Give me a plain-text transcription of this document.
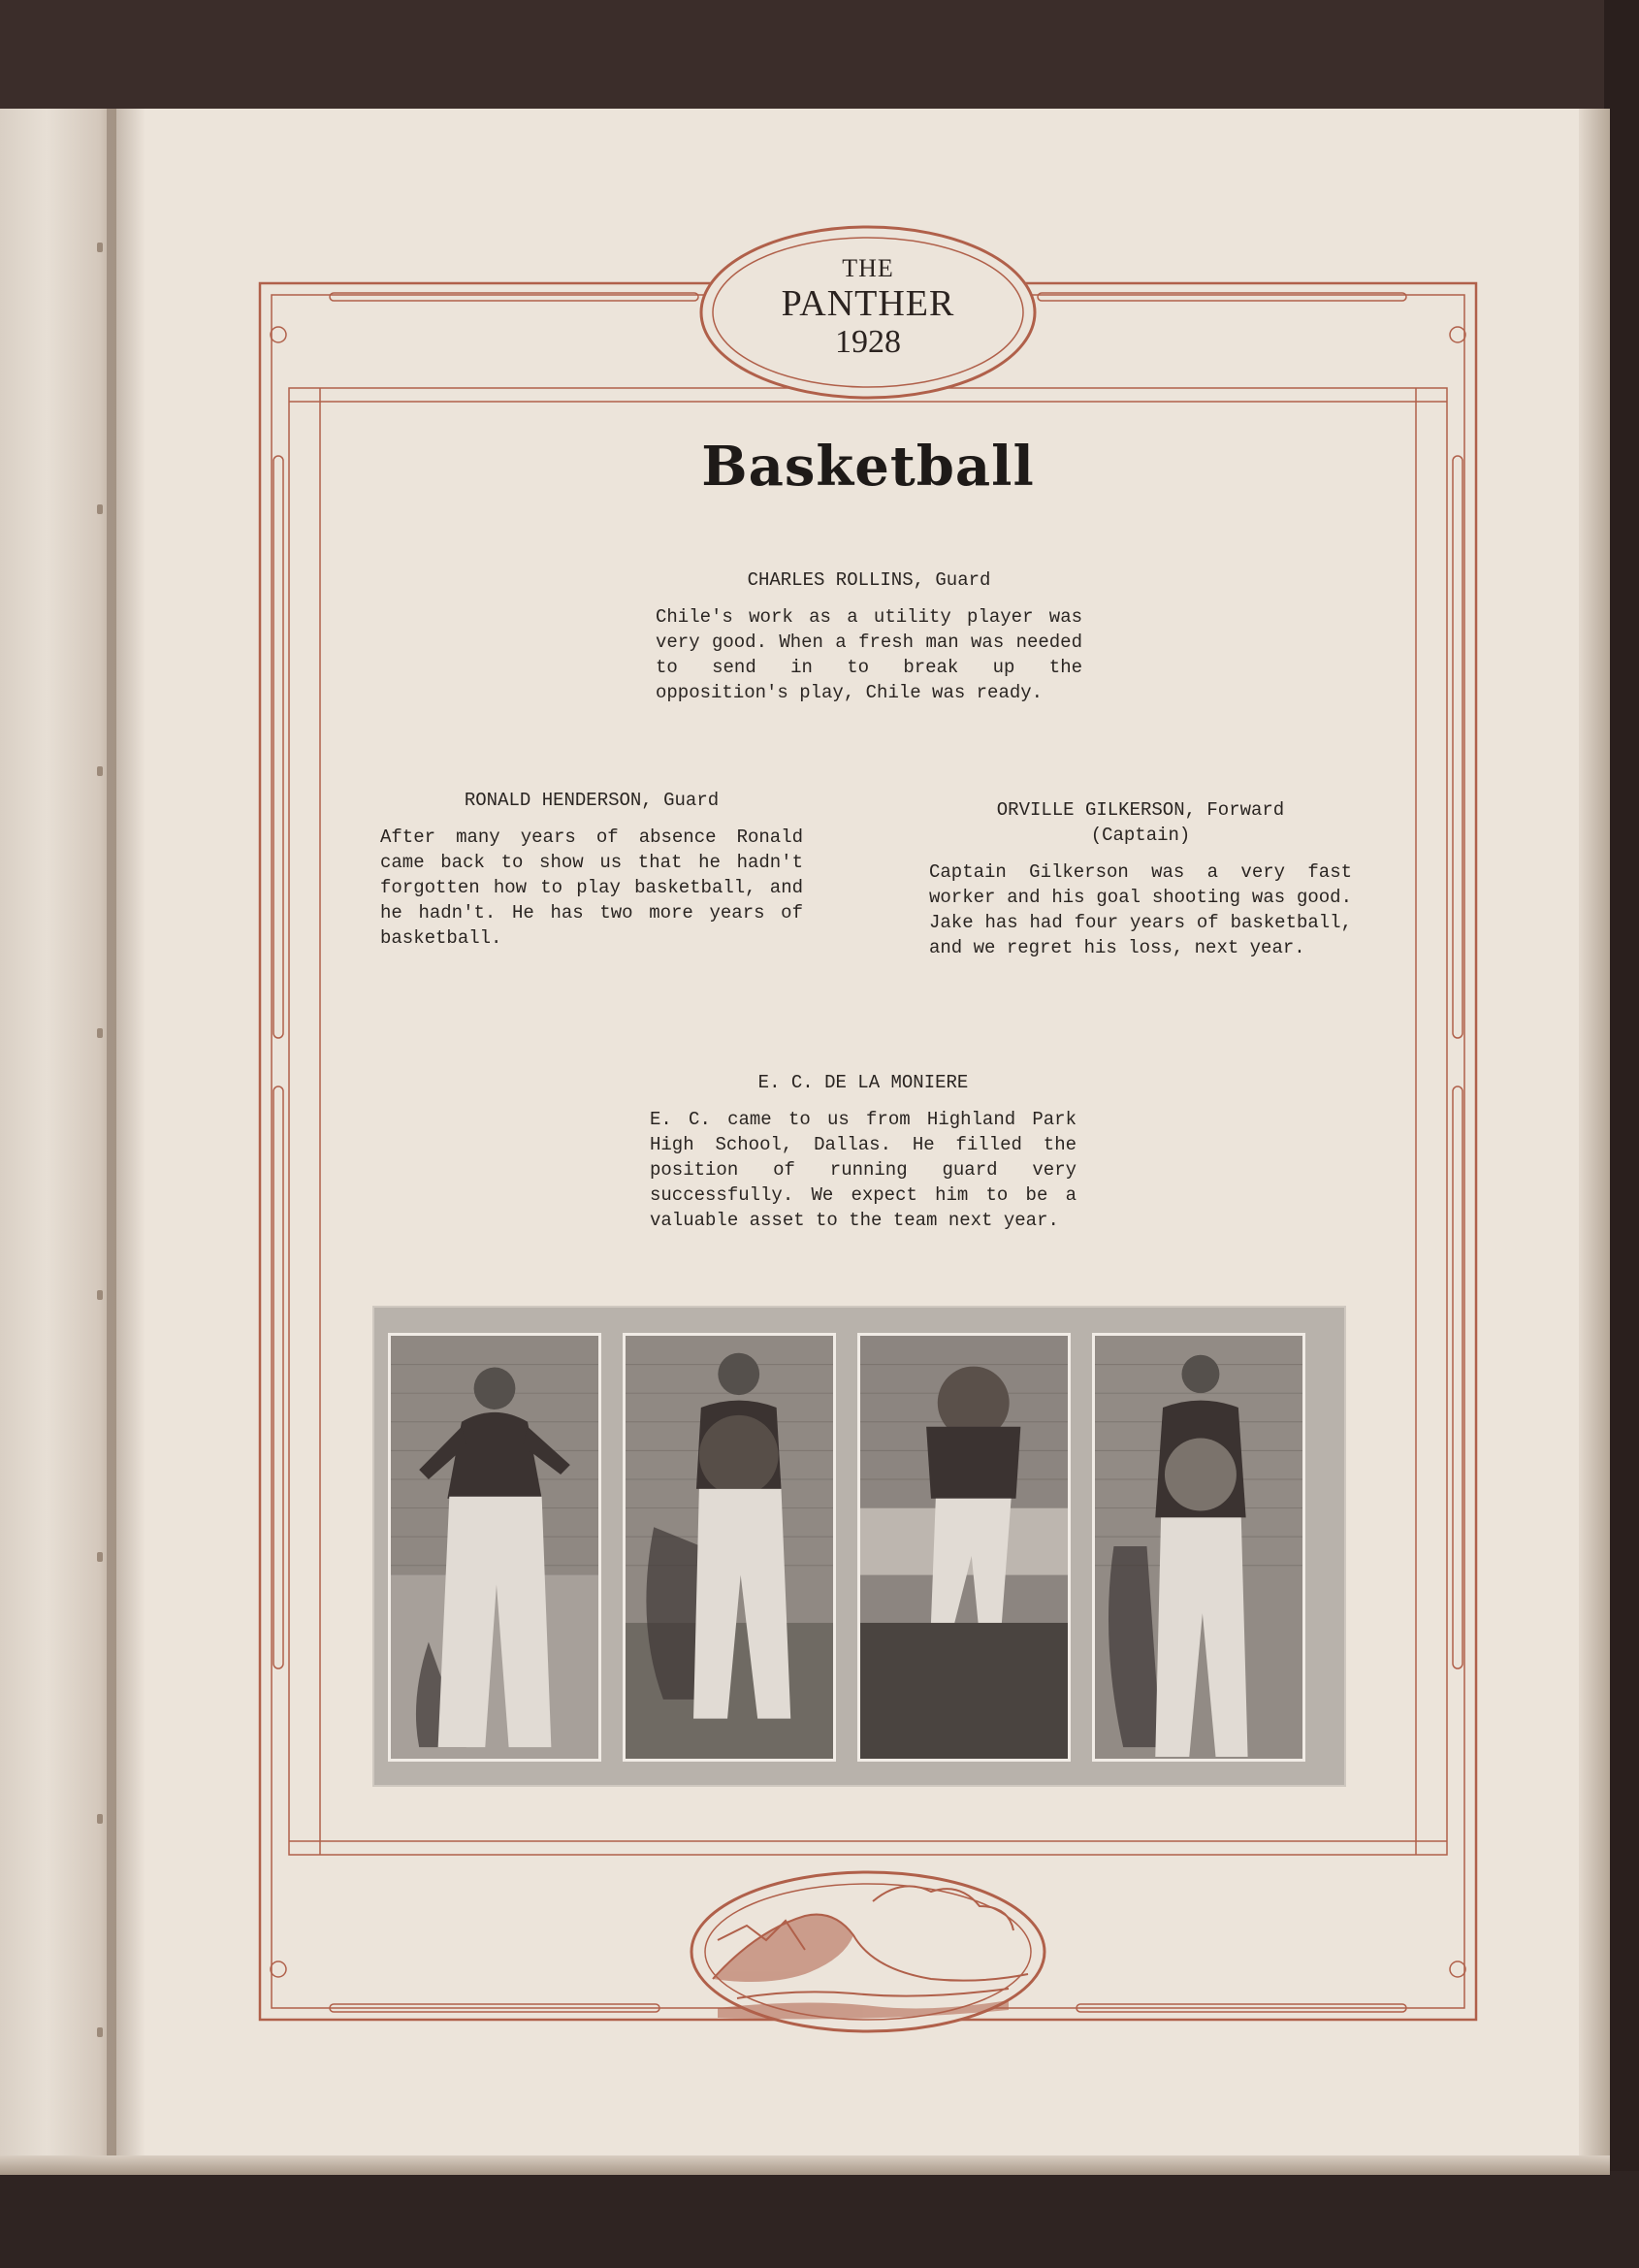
THE
PANTHER
1928
Basketball
CHARLES ROLLINS, Guard
Chile's work as a utility player was very good. When a fresh man was needed to send in to break up the opposition's play, Chile was ready.
RONALD HENDERSON, Guard
After many years of absence Ronald came back to show us that he hadn't forgotten how to play basketball, and he hadn't. He has two more years of basketball.
ORVILLE GILKERSON, Forward
(Captain)
Captain Gilkerson was a very fast worker and his goal shooting was good. Jake has had four years of basketball, and we regret his loss, next year.
E. C. DE LA MONIERE
E. C. came to us from Highland Park High School, Dallas. He filled the position of running guard very successfully. We expect him to be a valuable asset to the team next year.
